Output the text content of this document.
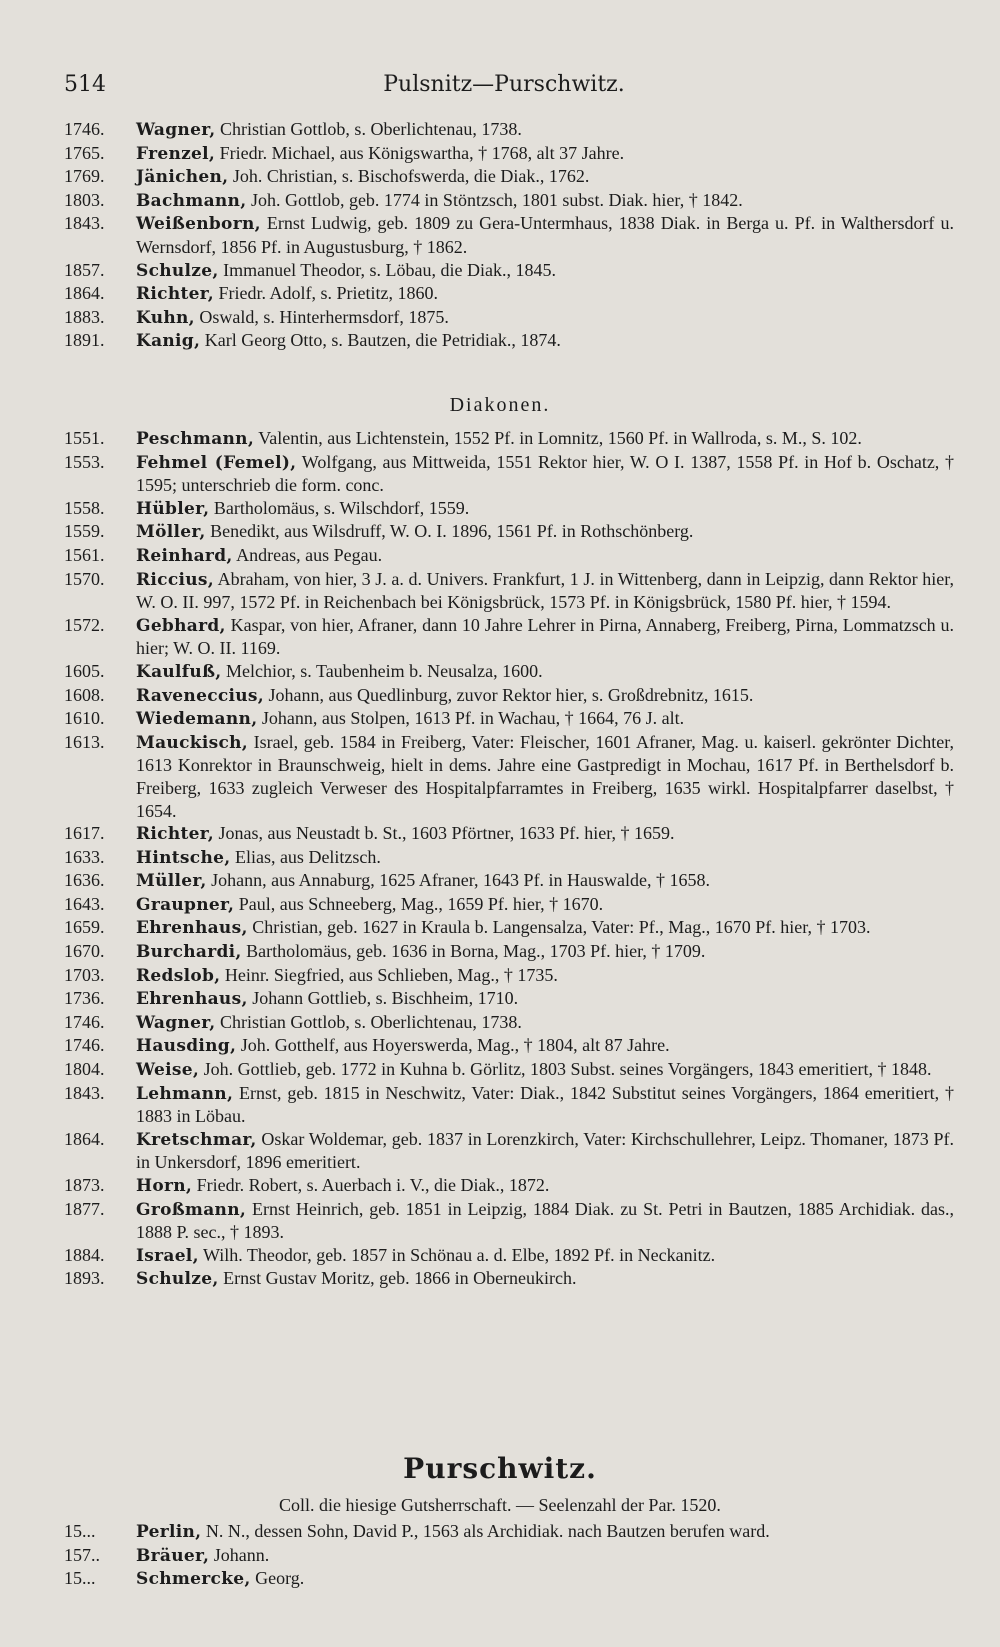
514	Pulsnitz—Purschwitz.
1746.	Wagner, Christian Gottlob, s. Oberlichtenau, 1738.
1765.	Frenzel, Friedr. Michael, aus Königswartha, † 1768, alt 37 Jahre.
1769.	Jänichen, Joh. Christian, s. Bischofswerda, die Diak., 1762.
1803.	Bachmann, Joh. Gottlob, geb. 1774 in Stöntzsch, 1801 subst. Diak. hier, † 1842.
1843.	Weißenborn, Ernst Ludwig, geb. 1809 zu Gera-Untermhaus, 1838 Diak. in Berga u. Pf. in Walthersdorf u. Wernsdorf, 1856 Pf. in Augustusburg, † 1862.
1857.	Schulze, Immanuel Theodor, s. Löbau, die Diak., 1845.
1864.	Richter, Friedr. Adolf, s. Prietitz, 1860.
1883.	Kuhn, Oswald, s. Hinterhermsdorf, 1875.
1891.	Kanig, Karl Georg Otto, s. Bautzen, die Petridiak., 1874.
Diakonen.
1551.	Peschmann, Valentin, aus Lichtenstein, 1552 Pf. in Lomnitz, 1560 Pf. in Wallroda, s. M., S. 102.
1553.	Fehmel (Femel), Wolfgang, aus Mittweida, 1551 Rektor hier, W. O I. 1387, 1558 Pf. in Hof b. Oschatz, † 1595; unterschrieb die form. conc.
1558.	Hübler, Bartholomäus, s. Wilschdorf, 1559.
1559.	Möller, Benedikt, aus Wilsdruff, W. O. I. 1896, 1561 Pf. in Rothschönberg.
1561.	Reinhard, Andreas, aus Pegau.
1570.	Riccius, Abraham, von hier, 3 J. a. d. Univers. Frankfurt, 1 J. in Wittenberg, dann in Leipzig, dann Rektor hier, W. O. II. 997, 1572 Pf. in Reichenbach bei Königsbrück, 1573 Pf. in Königsbrück, 1580 Pf. hier, † 1594.
1572.	Gebhard, Kaspar, von hier, Afraner, dann 10 Jahre Lehrer in Pirna, Annaberg, Freiberg, Pirna, Lommatzsch u. hier; W. O. II. 1169.
1605.	Kaulfuß, Melchior, s. Taubenheim b. Neusalza, 1600.
1608.	Raveneccius, Johann, aus Quedlinburg, zuvor Rektor hier, s. Großdrebnitz, 1615.
1610.	Wiedemann, Johann, aus Stolpen, 1613 Pf. in Wachau, † 1664, 76 J. alt.
1613.	Mauckisch, Israel, geb. 1584 in Freiberg, Vater: Fleischer, 1601 Afraner, Mag. u. kaiserl. gekrönter Dichter, 1613 Konrektor in Braunschweig, hielt in dems. Jahre eine Gastpredigt in Mochau, 1617 Pf. in Berthelsdorf b. Freiberg, 1633 zugleich Verweser des Hospitalpfarramtes in Freiberg, 1635 wirkl. Hospitalpfarrer daselbst, † 1654.
1617.	Richter, Jonas, aus Neustadt b. St., 1603 Pförtner, 1633 Pf. hier, † 1659.
1633.	Hintsche, Elias, aus Delitzsch.
1636.	Müller, Johann, aus Annaburg, 1625 Afraner, 1643 Pf. in Hauswalde, † 1658.
1643.	Graupner, Paul, aus Schneeberg, Mag., 1659 Pf. hier, † 1670.
1659.	Ehrenhaus, Christian, geb. 1627 in Kraula b. Langensalza, Vater: Pf., Mag., 1670 Pf. hier, † 1703.
1670.	Burchardi, Bartholomäus, geb. 1636 in Borna, Mag., 1703 Pf. hier, † 1709.
1703.	Redslob, Heinr. Siegfried, aus Schlieben, Mag., † 1735.
1736.	Ehrenhaus, Johann Gottlieb, s. Bischheim, 1710.
1746.	Wagner, Christian Gottlob, s. Oberlichtenau, 1738.
1746.	Hausding, Joh. Gotthelf, aus Hoyerswerda, Mag., † 1804, alt 87 Jahre.
1804.	Weise, Joh. Gottlieb, geb. 1772 in Kuhna b. Görlitz, 1803 Subst. seines Vorgängers, 1843 emeritiert, † 1848.
1843.	Lehmann, Ernst, geb. 1815 in Neschwitz, Vater: Diak., 1842 Substitut seines Vorgängers, 1864 emeritiert, † 1883 in Löbau.
1864.	Kretschmar, Oskar Woldemar, geb. 1837 in Lorenzkirch, Vater: Kirchschullehrer, Leipz. Thomaner, 1873 Pf. in Unkersdorf, 1896 emeritiert.
1873.	Horn, Friedr. Robert, s. Auerbach i. V., die Diak., 1872.
1877.	Großmann, Ernst Heinrich, geb. 1851 in Leipzig, 1884 Diak. zu St. Petri in Bautzen, 1885 Archidiak. das., 1888 P. sec., † 1893.
1884.	Israel, Wilh. Theodor, geb. 1857 in Schönau a. d. Elbe, 1892 Pf. in Neckanitz.
1893.	Schulze, Ernst Gustav Moritz, geb. 1866 in Oberneukirch.
Purschwitz.
Coll. die hiesige Gutsherrschaft. — Seelenzahl der Par. 1520.
15...	Perlin, N. N., dessen Sohn, David P., 1563 als Archidiak. nach Bautzen berufen ward.
157..	Bräuer, Johann.
15...	Schmercke, Georg.
